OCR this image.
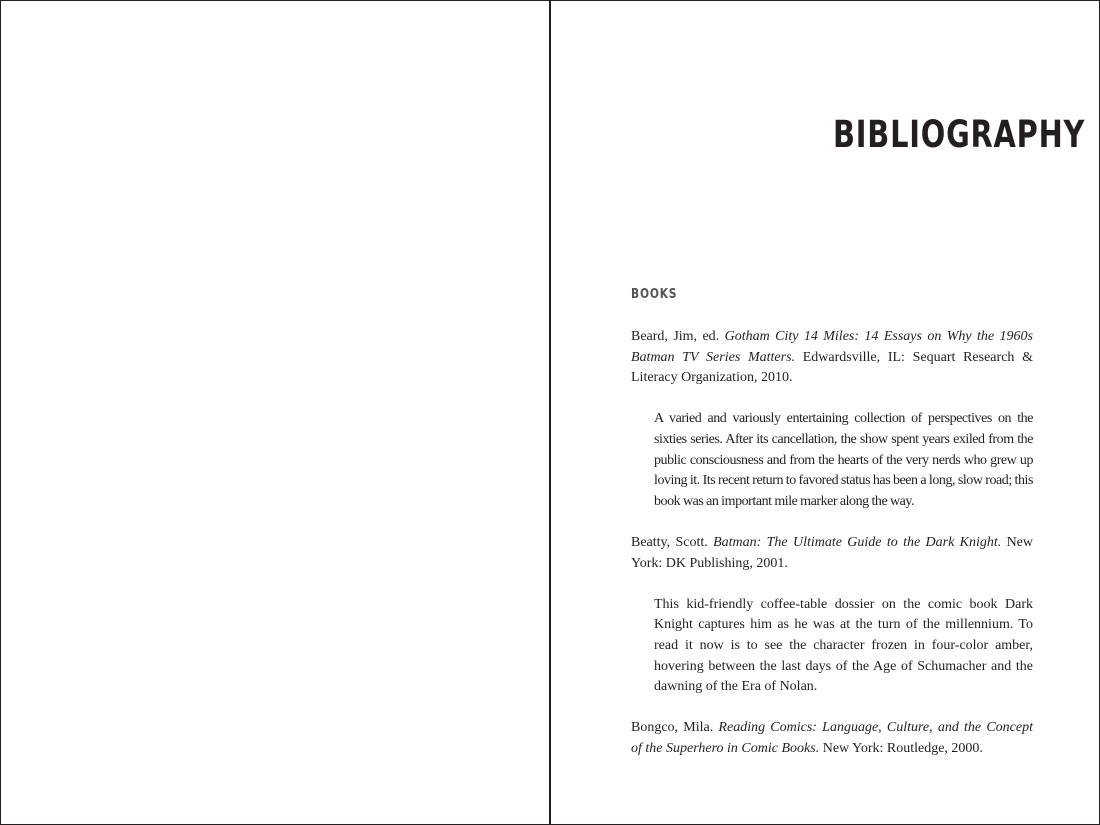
BIBLIOGRAPHY
BOOKS

Beard, Jim, ed. Gotham City 14 Miles: 14 Essays on Why the 1960s Batman TV Series Matters. Edwardsville, IL: Sequart Research & Literacy Organization, 2010.

A varied and variously entertaining collection of perspectives on the sixties series. After its cancellation, the show spent years exiled from the public consciousness and from the hearts of the very nerds who grew up loving it. Its recent return to favored status has been a long, slow road; this book was an important mile marker along the way.

Beatty, Scott. Batman: The Ultimate Guide to the Dark Knight. New York: DK Publishing, 2001.

This kid-friendly coffee-table dossier on the comic book Dark Knight captures him as he was at the turn of the millennium. To read it now is to see the character frozen in four-color amber, hovering between the last days of the Age of Schumacher and the dawning of the Era of Nolan.

Bongco, Mila. Reading Comics: Language, Culture, and the Concept of the Superhero in Comic Books. New York: Routledge, 2000.
